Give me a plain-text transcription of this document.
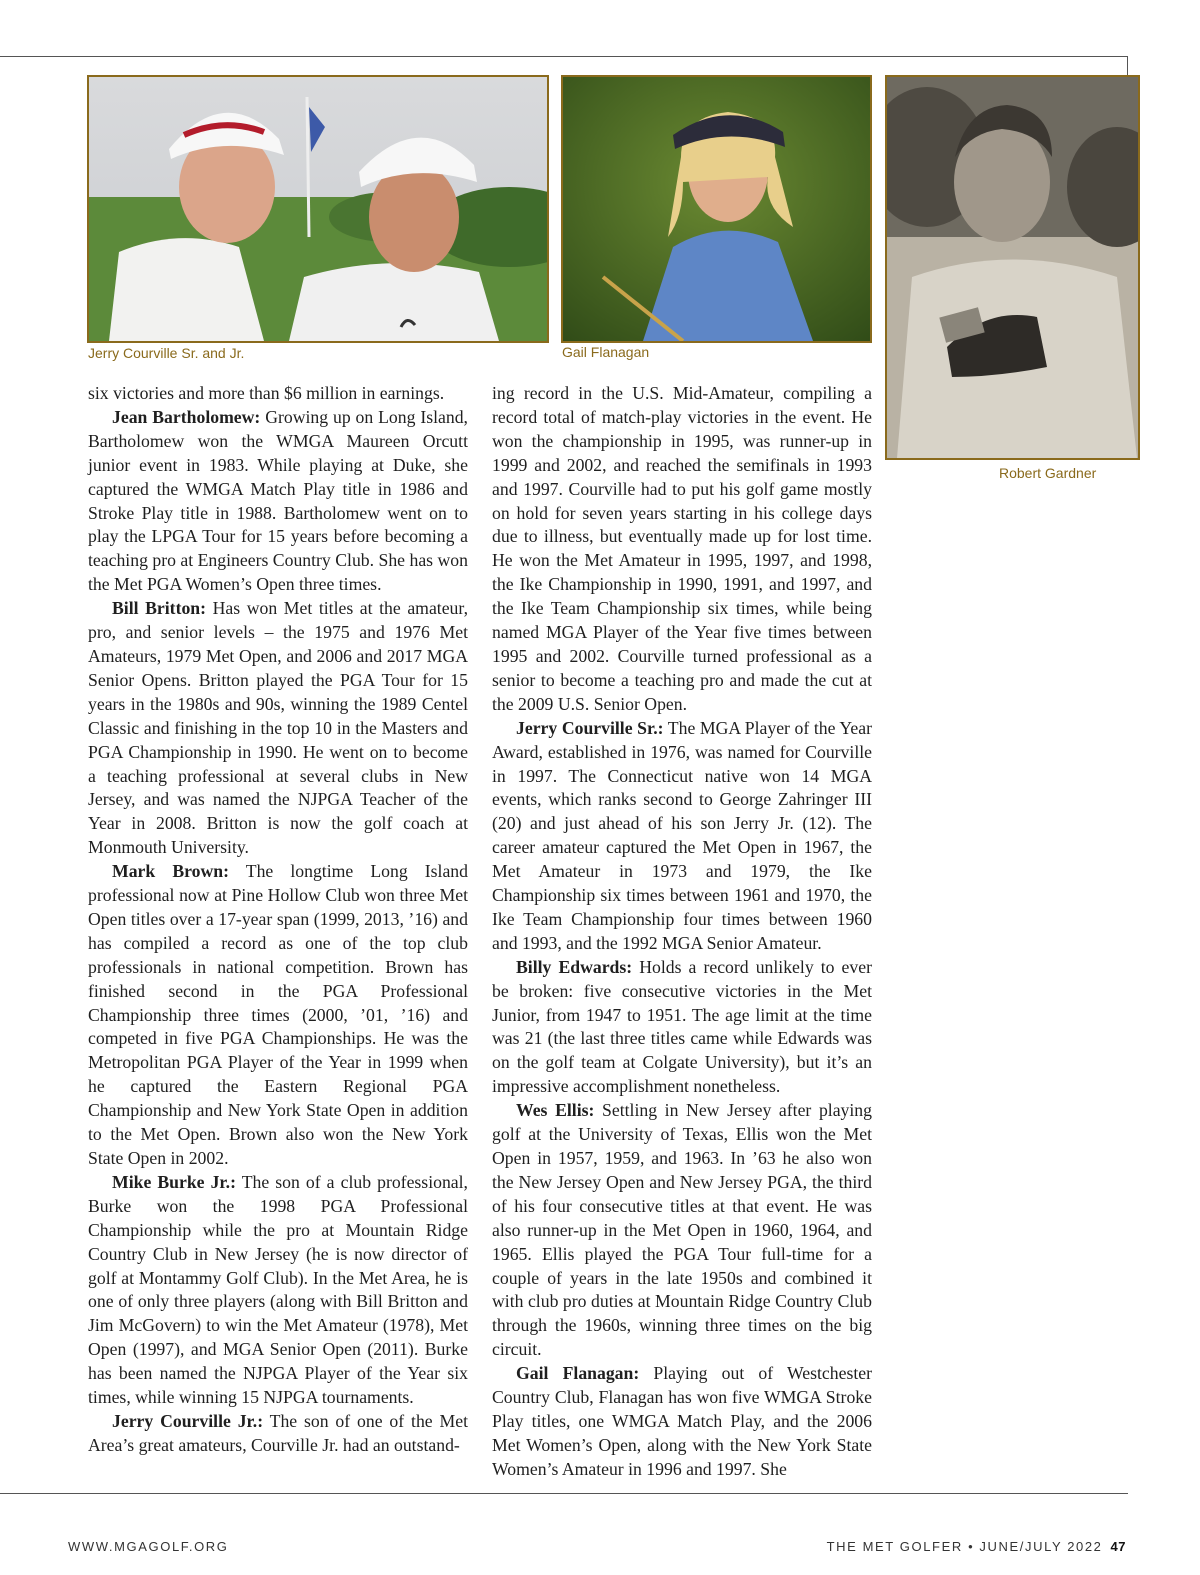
Jerry Courville Sr. and Jr.	Gail Flanagan
Robert Gardner

six victories and more than $6 million in earnings.

Jean Bartholomew: Growing up on Long Island, Bartholomew won the WMGA Maureen Orcutt junior event in 1983. While playing at Duke, she captured the WMGA Match Play title in 1986 and Stroke Play title in 1988. Bartholomew went on to play the LPGA Tour for 15 years before becoming a teaching pro at Engineers Country Club. She has won the Met PGA Women’s Open three times.

Bill Britton: Has won Met titles at the amateur, pro, and senior levels – the 1975 and 1976 Met Amateurs, 1979 Met Open, and 2006 and 2017 MGA Senior Opens. Britton played the PGA Tour for 15 years in the 1980s and 90s, winning the 1989 Centel Classic and finishing in the top 10 in the Masters and PGA Championship in 1990. He went on to become a teaching professional at several clubs in New Jersey, and was named the NJPGA Teacher of the Year in 2008. Britton is now the golf coach at Monmouth University.

Mark Brown: The longtime Long Island professional now at Pine Hollow Club won three Met Open titles over a 17-year span (1999, 2013, ’16) and has compiled a record as one of the top club professionals in national competition. Brown has finished second in the PGA Professional Championship three times (2000, ’01, ’16) and competed in five PGA Championships. He was the Metropolitan PGA Player of the Year in 1999 when he captured the Eastern Regional PGA Championship and New York State Open in addition to the Met Open. Brown also won the New York State Open in 2002.

Mike Burke Jr.: The son of a club professional, Burke won the 1998 PGA Professional Championship while the pro at Mountain Ridge Country Club in New Jersey (he is now director of golf at Montammy Golf Club). In the Met Area, he is one of only three players (along with Bill Britton and Jim McGovern) to win the Met Amateur (1978), Met Open (1997), and MGA Senior Open (2011). Burke has been named the NJPGA Player of the Year six times, while winning 15 NJPGA tournaments.

Jerry Courville Jr.: The son of one of the Met Area’s great amateurs, Courville Jr. had an outstand-

ing record in the U.S. Mid-Amateur, compiling a record total of match-play victories in the event. He won the championship in 1995, was runner-up in 1999 and 2002, and reached the semifinals in 1993 and 1997. Courville had to put his golf game mostly on hold for seven years starting in his college days due to illness, but eventually made up for lost time. He won the Met Amateur in 1995, 1997, and 1998, the Ike Championship in 1990, 1991, and 1997, and the Ike Team Championship six times, while being named MGA Player of the Year five times between 1995 and 2002. Courville turned professional as a senior to become a teaching pro and made the cut at the 2009 U.S. Senior Open.

Jerry Courville Sr.: The MGA Player of the Year Award, established in 1976, was named for Courville in 1997. The Connecticut native won 14 MGA events, which ranks second to George Zahringer III (20) and just ahead of his son Jerry Jr. (12). The career amateur captured the Met Open in 1967, the Met Amateur in 1973 and 1979, the Ike Championship six times between 1961 and 1970, the Ike Team Championship four times between 1960 and 1993, and the 1992 MGA Senior Amateur.

Billy Edwards: Holds a record unlikely to ever be broken: five consecutive victories in the Met Junior, from 1947 to 1951. The age limit at the time was 21 (the last three titles came while Edwards was on the golf team at Colgate University), but it’s an impressive accomplishment nonetheless.

Wes Ellis: Settling in New Jersey after playing golf at the University of Texas, Ellis won the Met Open in 1957, 1959, and 1963. In ’63 he also won the New Jersey Open and New Jersey PGA, the third of his four consecutive titles at that event. He was also runner-up in the Met Open in 1960, 1964, and 1965. Ellis played the PGA Tour full-time for a couple of years in the late 1950s and combined it with club pro duties at Mountain Ridge Country Club through the 1960s, winning three times on the big circuit.

Gail Flanagan: Playing out of Westchester Country Club, Flanagan has won five WMGA Stroke Play titles, one WMGA Match Play, and the 2006 Met Women’s Open, along with the New York State Women’s Amateur in 1996 and 1997. She

WWW.MGAGOLF.ORG	THE MET GOLFER • JUNE/JULY 2022 47
